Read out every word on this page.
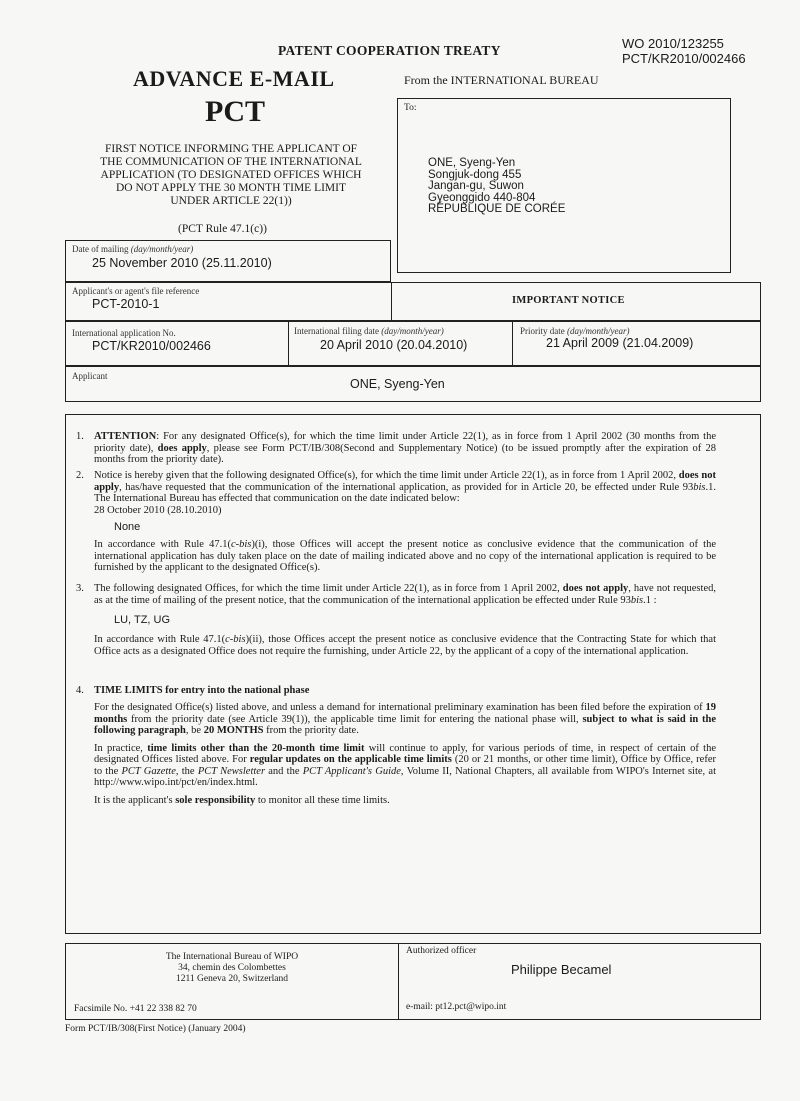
PATENT COOPERATION TREATY	WO 2010/123255
PCT/KR2010/002466
ADVANCE E-MAIL	From the INTERNATIONAL BUREAU
PCT
FIRST NOTICE INFORMING THE APPLICANT OF
THE COMMUNICATION OF THE INTERNATIONAL
APPLICATION (TO DESIGNATED OFFICES WHICH
DO NOT APPLY THE 30 MONTH TIME LIMIT
UNDER ARTICLE 22(1))
(PCT Rule 47.1(c))
To:
ONE, Syeng-Yen
Songjuk-dong 455
Jangan-gu, Suwon
Gyeonggido 440-804
RÉPUBLIQUE DE CORÉE
Date of mailing (day/month/year)
25 November 2010 (25.11.2010)
Applicant's or agent's file reference
PCT-2010-1	IMPORTANT NOTICE
International application No.
PCT/KR2010/002466
International filing date (day/month/year)
20 April 2010 (20.04.2010)
Priority date (day/month/year)
21 April 2009 (21.04.2009)
Applicant
ONE, Syeng-Yen
1. ATTENTION: For any designated Office(s), for which the time limit under Article 22(1), as in force from 1 April 2002 (30 months from the priority date), does apply, please see Form PCT/IB/308(Second and Supplementary Notice) (to be issued promptly after the expiration of 28 months from the priority date).
2. Notice is hereby given that the following designated Office(s), for which the time limit under Article 22(1), as in force from 1 April 2002, does not apply, has/have requested that the communication of the international application, as provided for in Article 20, be effected under Rule 93bis.1. The International Bureau has effected that communication on the date indicated below:
28 October 2010 (28.10.2010)
None
In accordance with Rule 47.1(c-bis)(i), those Offices will accept the present notice as conclusive evidence that the communication of the international application has duly taken place on the date of mailing indicated above and no copy of the international application is required to be furnished by the applicant to the designated Office(s).
3. The following designated Offices, for which the time limit under Article 22(1), as in force from 1 April 2002, does not apply, have not requested, as at the time of mailing of the present notice, that the communication of the international application be effected under Rule 93bis.1 :
LU, TZ, UG
In accordance with Rule 47.1(c-bis)(ii), those Offices accept the present notice as conclusive evidence that the Contracting State for which that Office acts as a designated Office does not require the furnishing, under Article 22, by the applicant of a copy of the international application.
4. TIME LIMITS for entry into the national phase
For the designated Office(s) listed above, and unless a demand for international preliminary examination has been filed before the expiration of 19 months from the priority date (see Article 39(1)), the applicable time limit for entering the national phase will, subject to what is said in the following paragraph, be 20 MONTHS from the priority date.
In practice, time limits other than the 20-month time limit will continue to apply, for various periods of time, in respect of certain of the designated Offices listed above. For regular updates on the applicable time limits (20 or 21 months, or other time limit), Office by Office, refer to the PCT Gazette, the PCT Newsletter and the PCT Applicant's Guide, Volume II, National Chapters, all available from WIPO's Internet site, at http://www.wipo.int/pct/en/index.html.
It is the applicant's sole responsibility to monitor all these time limits.
The International Bureau of WIPO
34, chemin des Colombettes
1211 Geneva 20, Switzerland
Facsimile No. +41 22 338 82 70
Authorized officer
Philippe Becamel
e-mail: pt12.pct@wipo.int
Form PCT/IB/308(First Notice) (January 2004)
